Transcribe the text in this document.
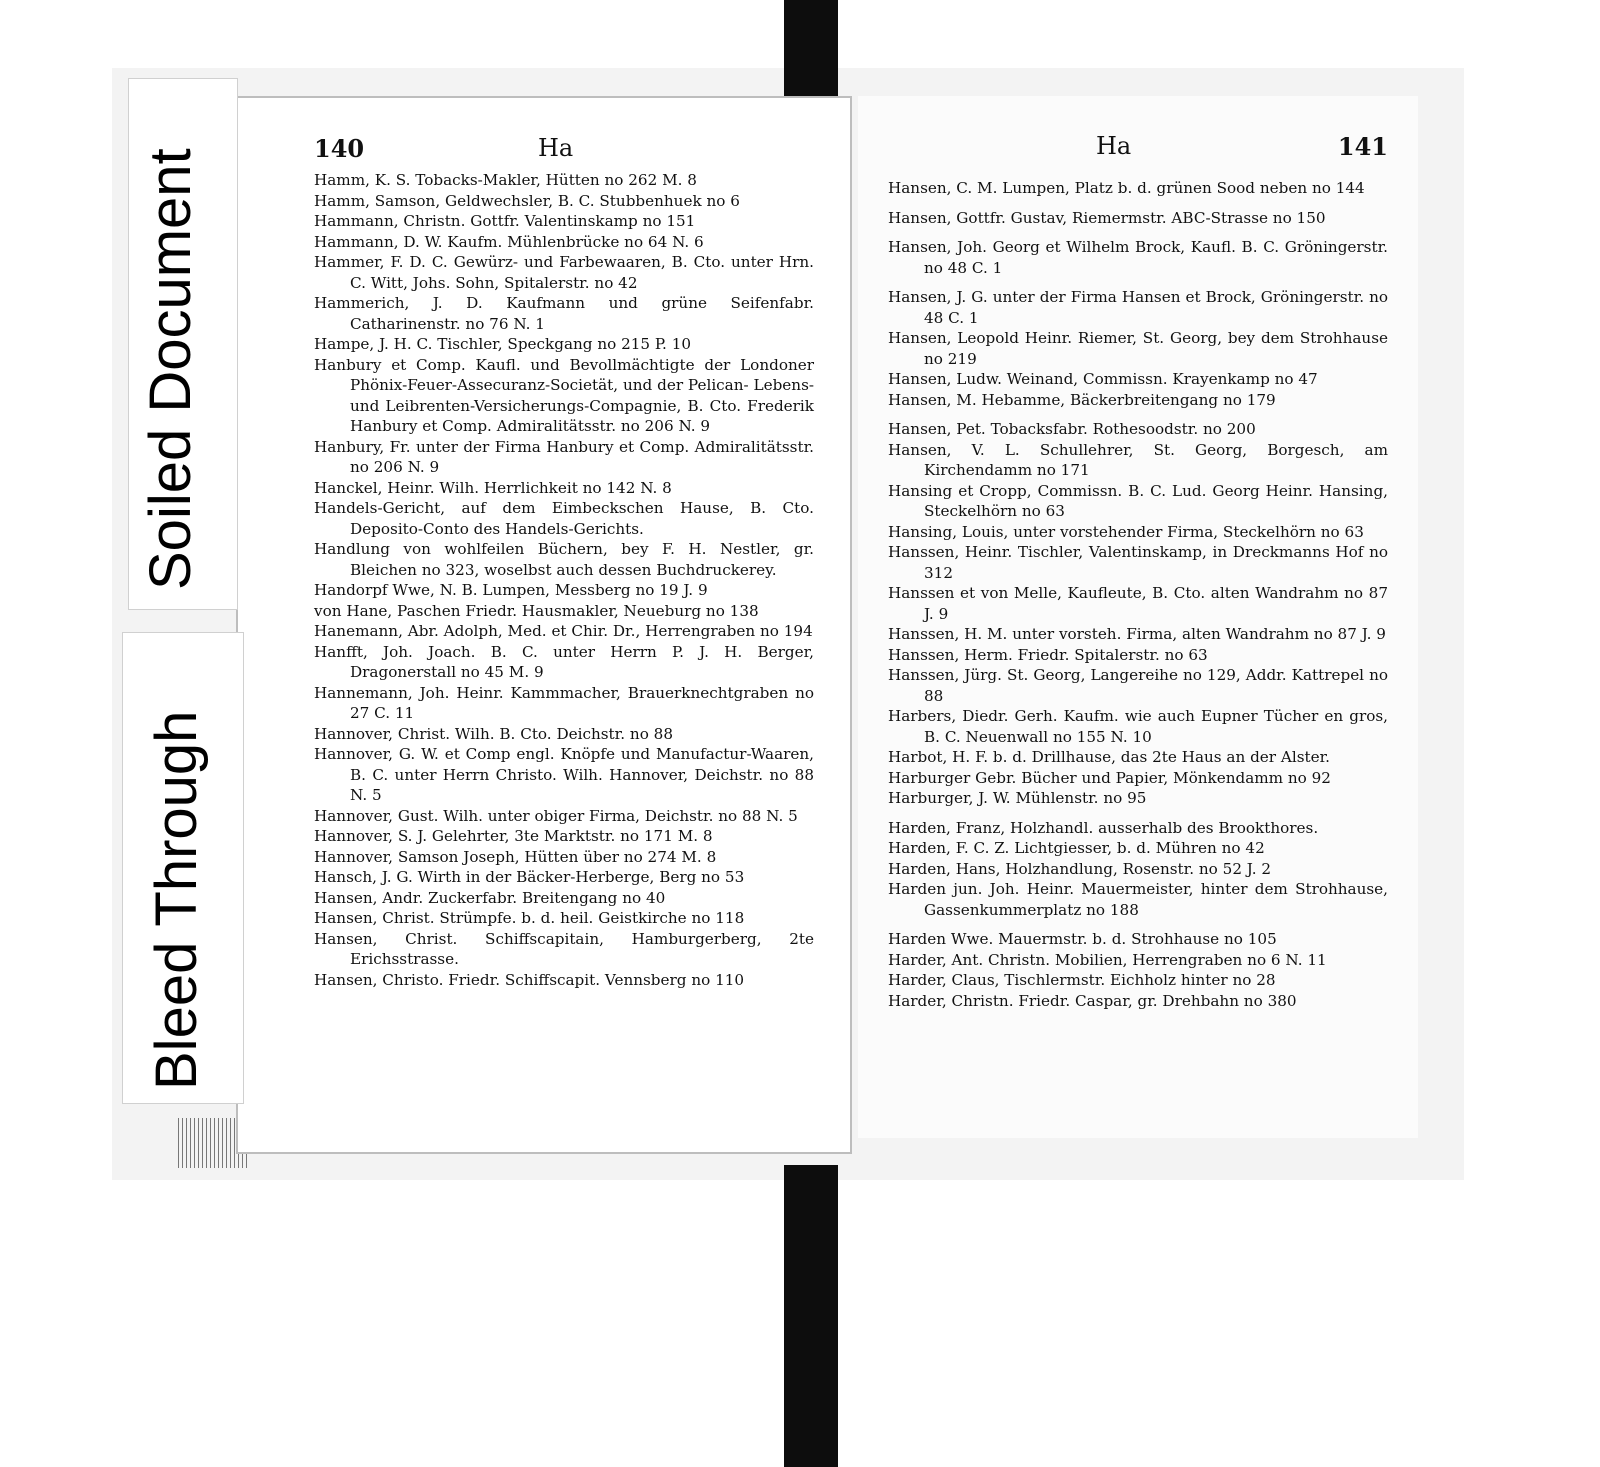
140	Ha
Hamm, K. S. Tobacks-Makler, Hütten no 262 M. 8
Hamm, Samson, Geldwechsler, B. C. Stubbenhuek no 6
Hammann, Christn. Gottfr. Valentinskamp no 151
Hammann, D. W. Kaufm. Mühlenbrücke no 64 N. 6
Hammer, F. D. C. Gewürz- und Farbewaaren, B. Cto. unter Hrn. C. Witt, Johs. Sohn, Spitalerstr. no 42
Hammerich, J. D. Kaufmann und grüne Seifenfabr. Catharinenstr. no 76 N. 1
Hampe, J. H. C. Tischler, Speckgang no 215 P. 10
Hanbury et Comp. Kaufl. und Bevollmächtigte der Londoner Phönix-Feuer-Assecuranz-Societät, und der Pelican- Lebens- und Leibrenten-Versicherungs-Compagnie, B. Cto. Frederik Hanbury et Comp. Admiralitätsstr. no 206 N. 9
Hanbury, Fr. unter der Firma Hanbury et Comp. Admiralitätsstr. no 206 N. 9
Hanckel, Heinr. Wilh. Herrlichkeit no 142 N. 8
Handels-Gericht, auf dem Eimbeckschen Hause, B. Cto. Deposito-Conto des Handels-Gerichts.
Handlung von wohlfeilen Büchern, bey F. H. Nestler, gr. Bleichen no 323, woselbst auch dessen Buchdruckerey.
Handorpf Wwe, N. B. Lumpen, Messberg no 19 J. 9
von Hane, Paschen Friedr. Hausmakler, Neueburg no 138
Hanemann, Abr. Adolph, Med. et Chir. Dr., Herrengraben no 194
Hanfft, Joh. Joach. B. C. unter Herrn P. J. H. Berger, Dragonerstall no 45 M. 9
Hannemann, Joh. Heinr. Kammmacher, Brauerknechtgraben no 27 C. 11
Hannover, Christ. Wilh. B. Cto. Deichstr. no 88
Hannover, G. W. et Comp engl. Knöpfe und Manufactur-Waaren, B. C. unter Herrn Christo. Wilh. Hannover, Deichstr. no 88 N. 5
Hannover, Gust. Wilh. unter obiger Firma, Deichstr. no 88 N. 5
Hannover, S. J. Gelehrter, 3te Marktstr. no 171 M. 8
Hannover, Samson Joseph, Hütten über no 274 M. 8
Hansch, J. G. Wirth in der Bäcker-Herberge, Berg no 53
Hansen, Andr. Zuckerfabr. Breitengang no 40
Hansen, Christ. Strümpfe. b. d. heil. Geistkirche no 118
Hansen, Christ. Schiffscapitain, Hamburgerberg, 2te Erichsstrasse.
Hansen, Christo. Friedr. Schiffscapit. Vennsberg no 110
Ha	141
Hansen, C. M. Lumpen, Platz b. d. grünen Sood neben no 144
Hansen, Gottfr. Gustav, Riemermstr. ABC-Strasse no 150
Hansen, Joh. Georg et Wilhelm Brock, Kaufl. B. C. Gröningerstr. no 48 C. 1
Hansen, J. G. unter der Firma Hansen et Brock, Gröningerstr. no 48 C. 1
Hansen, Leopold Heinr. Riemer, St. Georg, bey dem Strohhause no 219
Hansen, Ludw. Weinand, Commissn. Krayenkamp no 47
Hansen, M. Hebamme, Bäckerbreitengang no 179
Hansen, Pet. Tobacksfabr. Rothesoodstr. no 200
Hansen, V. L. Schullehrer, St. Georg, Borgesch, am Kirchendamm no 171
Hansing et Cropp, Commissn. B. C. Lud. Georg Heinr. Hansing, Steckelhörn no 63
Hansing, Louis, unter vorstehender Firma, Steckelhörn no 63
Hanssen, Heinr. Tischler, Valentinskamp, in Dreckmanns Hof no 312
Hanssen et von Melle, Kaufleute, B. Cto. alten Wandrahm no 87 J. 9
Hanssen, H. M. unter vorsteh. Firma, alten Wandrahm no 87 J. 9
Hanssen, Herm. Friedr. Spitalerstr. no 63
Hanssen, Jürg. St. Georg, Langereihe no 129, Addr. Kattrepel no 88
Harbers, Diedr. Gerh. Kaufm. wie auch Eupner Tücher en gros, B. C. Neuenwall no 155 N. 10
Harbot, H. F. b. d. Drillhause, das 2te Haus an der Alster.
Harburger Gebr. Bücher und Papier, Mönkendamm no 92
Harburger, J. W. Mühlenstr. no 95
Harden, Franz, Holzhandl. ausserhalb des Brookthores.
Harden, F. C. Z. Lichtgiesser, b. d. Mühren no 42
Harden, Hans, Holzhandlung, Rosenstr. no 52 J. 2
Harden jun. Joh. Heinr. Mauermeister, hinter dem Strohhause, Gassenkummerplatz no 188
Harden Wwe. Mauermstr. b. d. Strohhause no 105
Harder, Ant. Christn. Mobilien, Herrengraben no 6 N. 11
Harder, Claus, Tischlermstr. Eichholz hinter no 28
Harder, Christn. Friedr. Caspar, gr. Drehbahn no 380
Soiled Document
Bleed Through
